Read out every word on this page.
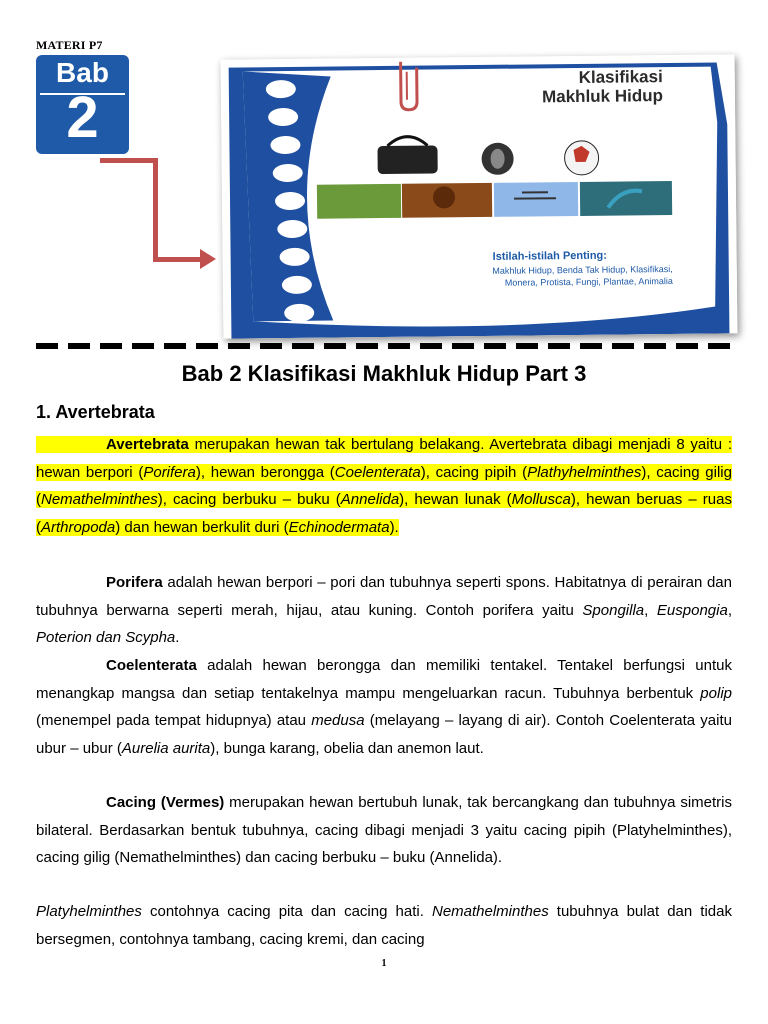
MATERI P7
Bab
2
Klasifikasi
Makhluk Hidup
Istilah-istilah Penting:
Makhluk Hidup, Benda Tak Hidup, Klasifikasi,
Monera, Protista, Fungi, Plantae, Animalia
Bab 2 Klasifikasi Makhluk Hidup Part 3
1. Avertebrata
Avertebrata merupakan hewan tak bertulang belakang. Avertebrata dibagi menjadi 8 yaitu : hewan berpori (Porifera), hewan berongga (Coelenterata), cacing pipih (Plathyhelminthes), cacing gilig (Nemathelminthes), cacing berbuku – buku (Annelida), hewan lunak (Mollusca), hewan beruas – ruas (Arthropoda) dan hewan berkulit duri (Echinodermata).
Porifera adalah hewan berpori – pori dan tubuhnya seperti spons. Habitatnya di perairan dan tubuhnya berwarna seperti merah, hijau, atau kuning. Contoh porifera yaitu Spongilla, Euspongia, Poterion dan Scypha.
Coelenterata adalah hewan berongga dan memiliki tentakel. Tentakel berfungsi untuk menangkap mangsa dan setiap tentakelnya mampu mengeluarkan racun. Tubuhnya berbentuk polip (menempel pada tempat hidupnya) atau medusa (melayang – layang di air). Contoh Coelenterata yaitu ubur – ubur (Aurelia aurita), bunga karang, obelia dan anemon laut.
Cacing (Vermes) merupakan hewan bertubuh lunak, tak bercangkang dan tubuhnya simetris bilateral. Berdasarkan bentuk tubuhnya, cacing dibagi menjadi 3 yaitu cacing pipih (Platyhelminthes), cacing gilig (Nemathelminthes) dan cacing berbuku – buku (Annelida).
Platyhelminthes contohnya cacing pita dan cacing hati. Nemathelminthes tubuhnya bulat dan tidak bersegmen, contohnya tambang, cacing kremi, dan cacing
1
